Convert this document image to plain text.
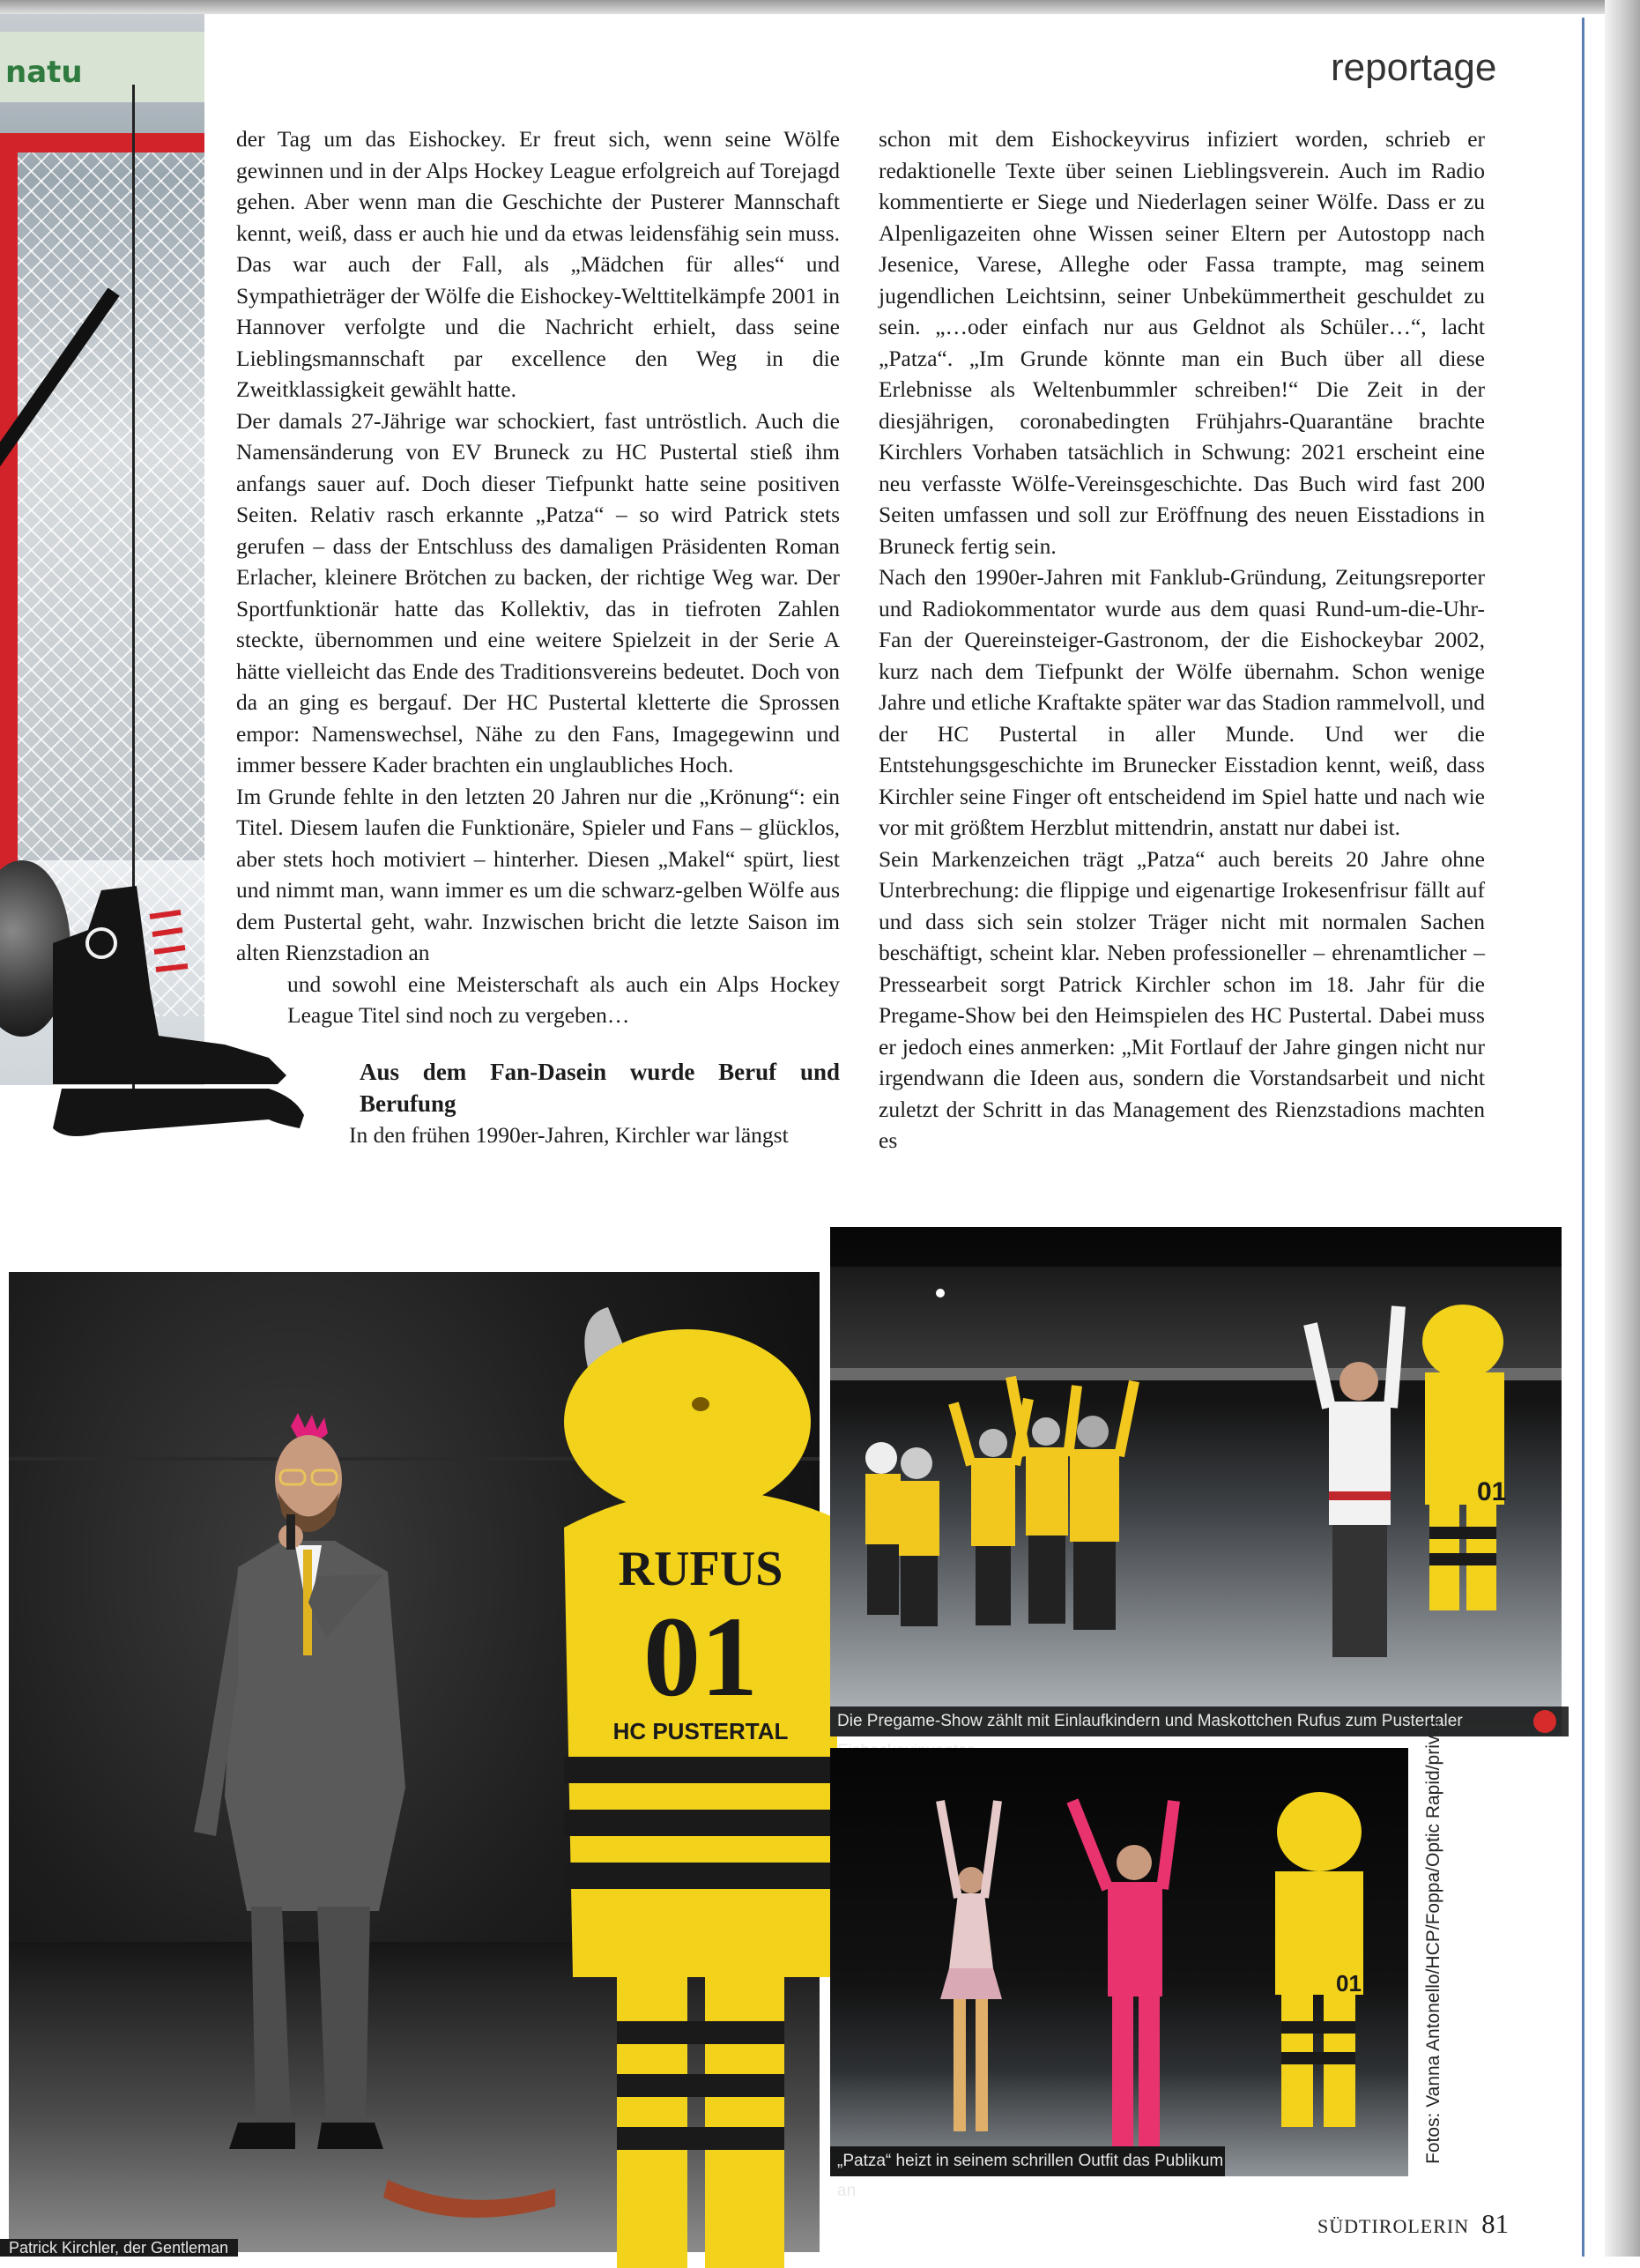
natu	reportage

der Tag um das Eishockey. Er freut sich, wenn seine Wölfe gewinnen und in der Alps Hockey League erfolgreich auf Torejagd gehen. Aber wenn man die Geschichte der Pusterer Mannschaft kennt, weiß, dass er auch hie und da etwas leidensfähig sein muss. Das war auch der Fall, als „Mädchen für alles“ und Sympathieträger der Wölfe die Eishockey-Welttitelkämpfe 2001 in Hannover verfolgte und die Nachricht erhielt, dass seine Lieblingsmannschaft par excellence den Weg in die Zweitklassigkeit gewählt hatte.

Der damals 27-Jährige war schockiert, fast untröstlich. Auch die Namensänderung von EV Bruneck zu HC Pustertal stieß ihm anfangs sauer auf. Doch dieser Tiefpunkt hatte seine positiven Seiten. Relativ rasch erkannte „Patza“ – so wird Patrick stets gerufen – dass der Entschluss des damaligen Präsidenten Roman Erlacher, kleinere Brötchen zu backen, der richtige Weg war. Der Sportfunktionär hatte das Kollektiv, das in tiefroten Zahlen steckte, übernommen und eine weitere Spielzeit in der Serie A hätte vielleicht das Ende des Traditionsvereins bedeutet. Doch von da an ging es bergauf. Der HC Pustertal kletterte die Sprossen empor: Namenswechsel, Nähe zu den Fans, Imagegewinn und immer bessere Kader brachten ein unglaubliches Hoch.

Im Grunde fehlte in den letzten 20 Jahren nur die „Krönung“: ein Titel. Diesem laufen die Funktionäre, Spieler und Fans – glücklos, aber stets hoch motiviert – hinterher. Diesen „Makel“ spürt, liest und nimmt man, wann immer es um die schwarz-gelben Wölfe aus dem Pustertal geht, wahr. Inzwischen bricht die letzte Saison im alten Rienzstadion an

und sowohl eine Meisterschaft als auch ein Alps Hockey League Titel sind noch zu vergeben…

Aus dem Fan-Dasein wurde Beruf und Berufung

In den frühen 1990er-Jahren, Kirchler war längst

schon mit dem Eishockeyvirus infiziert worden, schrieb er redaktionelle Texte über seinen Lieblingsverein. Auch im Radio kommentierte er Siege und Niederlagen seiner Wölfe. Dass er zu Alpenligazeiten ohne Wissen seiner Eltern per Autostopp nach Jesenice, Varese, Alleghe oder Fassa trampte, mag seinem jugendlichen Leichtsinn, seiner Unbekümmertheit geschuldet zu sein. „…oder einfach nur aus Geldnot als Schüler…“, lacht „Patza“. „Im Grunde könnte man ein Buch über all diese Erlebnisse als Weltenbummler schreiben!“ Die Zeit in der diesjährigen, coronabedingten Frühjahrs-Quarantäne brachte Kirchlers Vorhaben tatsächlich in Schwung: 2021 erscheint eine neu verfasste Wölfe-Vereinsgeschichte. Das Buch wird fast 200 Seiten umfassen und soll zur Eröffnung des neuen Eisstadions in Bruneck fertig sein.

Nach den 1990er-Jahren mit Fanklub-Gründung, Zeitungsreporter und Radiokommentator wurde aus dem quasi Rund-um-die-Uhr-Fan der Quereinsteiger-Gastronom, der die Eishockeybar 2002, kurz nach dem Tiefpunkt der Wölfe übernahm. Schon wenige Jahre und etliche Kraftakte später war das Stadion rammelvoll, und der HC Pustertal in aller Munde. Und wer die Entstehungsgeschichte im Brunecker Eisstadion kennt, weiß, dass Kirchler seine Finger oft entscheidend im Spiel hatte und nach wie vor mit größtem Herzblut mittendrin, anstatt nur dabei ist.

Sein Markenzeichen trägt „Patza“ auch bereits 20 Jahre ohne Unterbrechung: die flippige und eigenartige Irokesenfrisur fällt auf und dass sich sein stolzer Träger nicht mit normalen Sachen beschäftigt, scheint klar. Neben professioneller – ehrenamtlicher – Pressearbeit sorgt Patrick Kirchler schon im 18. Jahr für die Pregame-Show bei den Heimspielen des HC Pustertal. Dabei muss er jedoch eines anmerken: „Mit Fortlauf der Jahre gingen nicht nur irgendwann die Ideen aus, sondern die Vorstandsarbeit und nicht zuletzt der Schritt in das Management des Rienzstadions machten es

RUFUS
01
HC PUSTERTAL
Patrick Kirchler, der Gentleman
01
Die Pregame-Show zählt mit Einlaufkindern und Maskottchen Rufus zum Pustertaler
01
„Patza“ heizt in seinem schrillen Outfit das Publikum an
Fotos: Vanna Antonello/HCP/Foppa/Optic Rapid/privat
SÜDTIROLERIN 81
